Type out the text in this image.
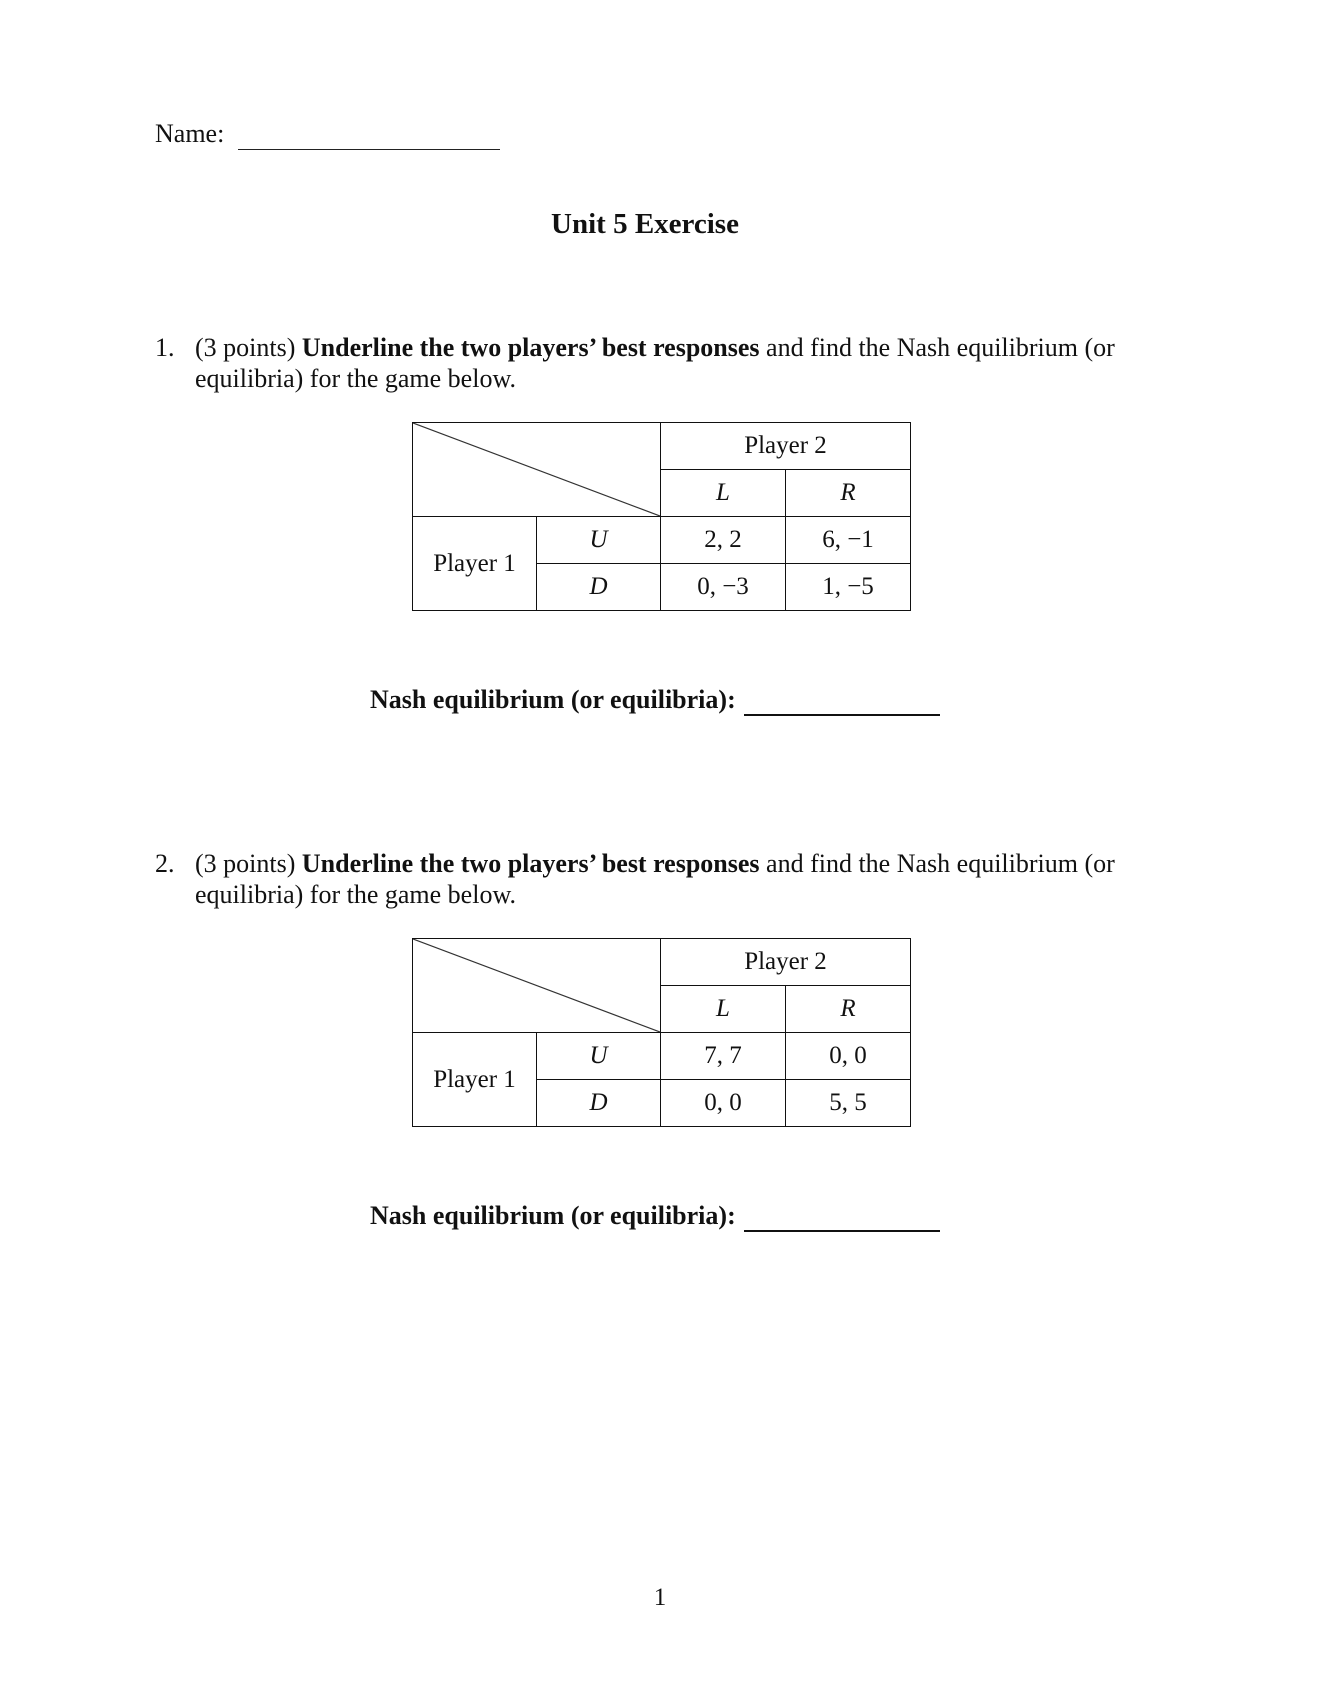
Name:
Unit 5 Exercise
1. (3 points) Underline the two players’ best responses and find the Nash equilibrium (or equilibria) for the game below.
	Player 2	
		L	R
Player 1	U	2, 2	6, −1
	D	0, −3	1, −5
Nash equilibrium (or equilibria):
2. (3 points) Underline the two players’ best responses and find the Nash equilibrium (or equilibria) for the game below.
	Player 2	
		L	R
Player 1	U	7, 7	0, 0
	D	0, 0	5, 5
Nash equilibrium (or equilibria):
1
